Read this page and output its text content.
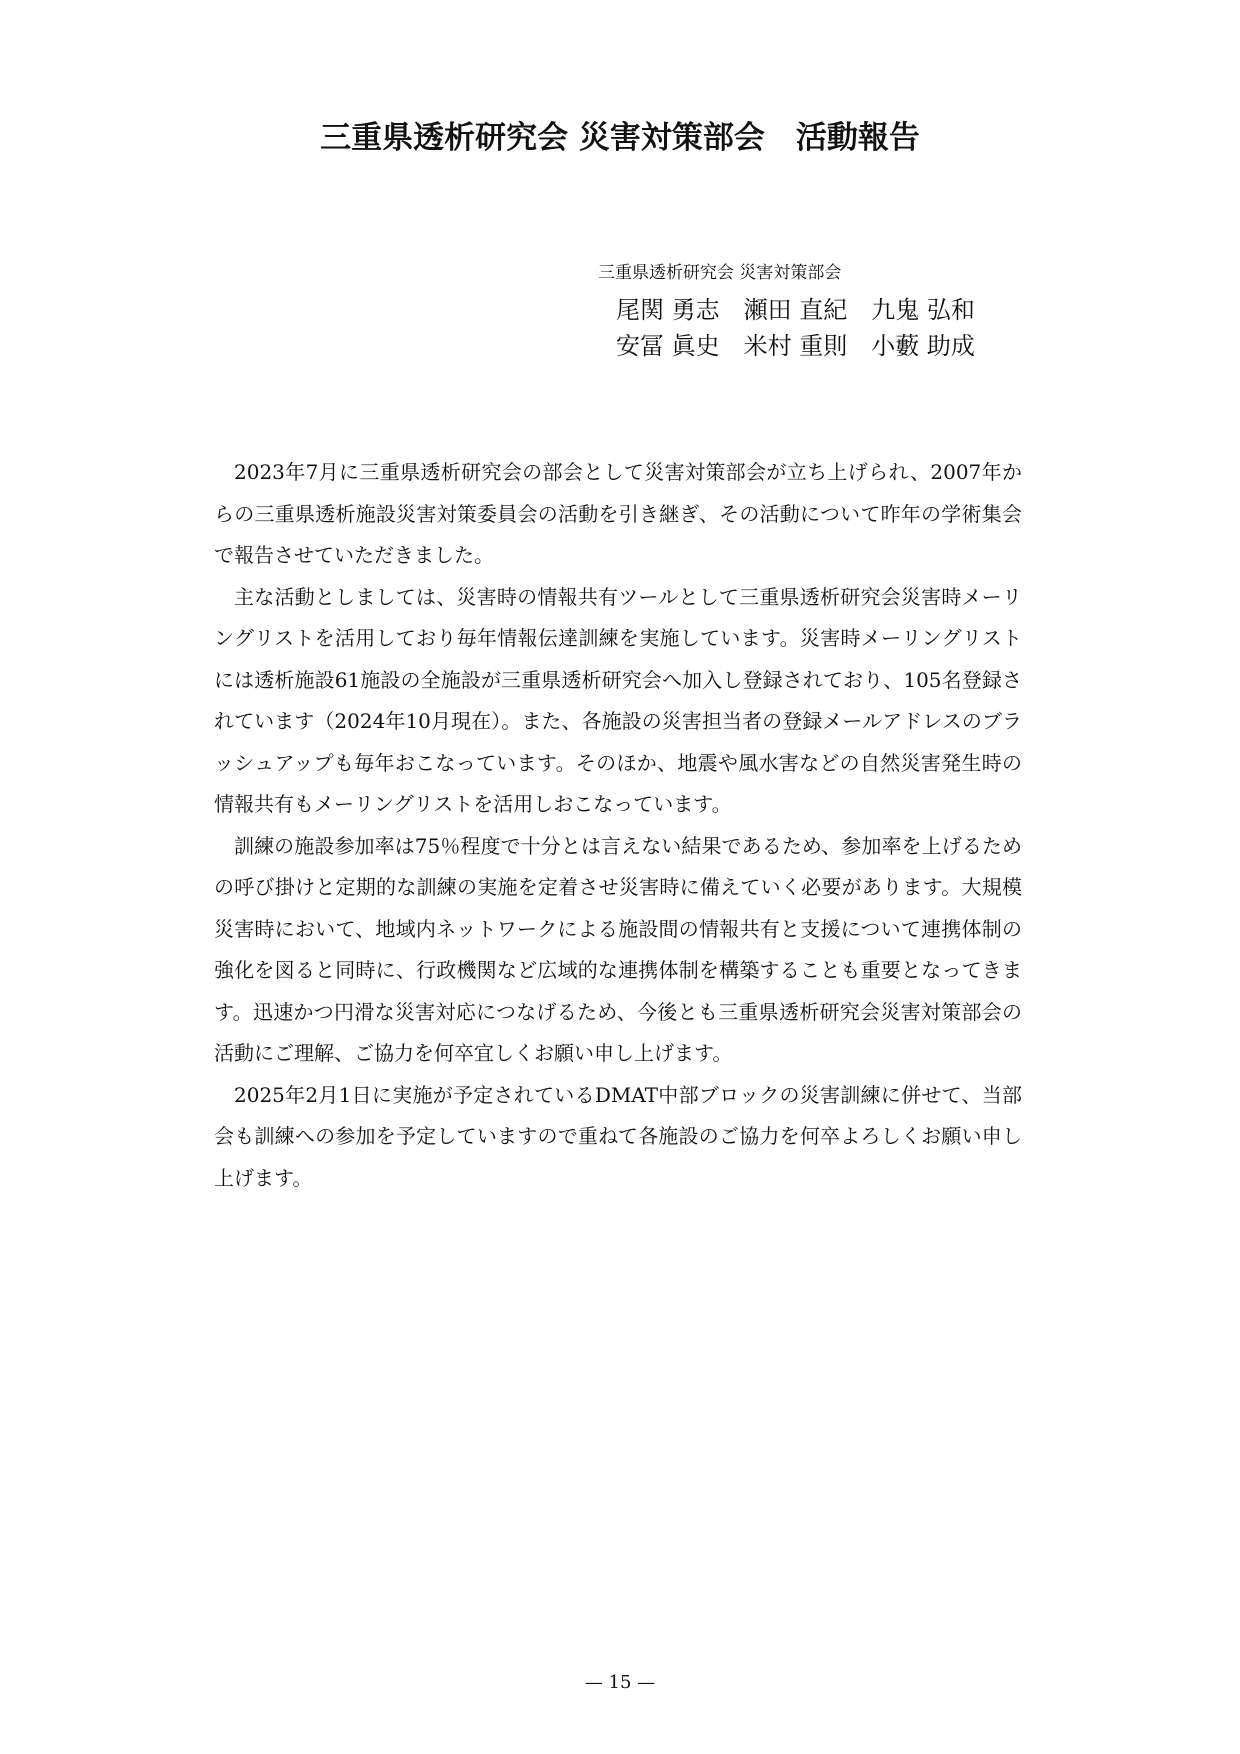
三重県透析研究会 災害対策部会　活動報告
三重県透析研究会 災害対策部会
尾関 勇志　瀬田 直紀　九鬼 弘和
安冨 眞史　米村 重則　小藪 助成

2023年7月に三重県透析研究会の部会として災害対策部会が立ち上げられ、2007年からの三重県透析施設災害対策委員会の活動を引き継ぎ、その活動について昨年の学術集会で報告させていただきました。

主な活動としましては、災害時の情報共有ツールとして三重県透析研究会災害時メーリングリストを活用しており毎年情報伝達訓練を実施しています。災害時メーリングリストには透析施設61施設の全施設が三重県透析研究会へ加入し登録されており、105名登録されています（2024年10月現在）。また、各施設の災害担当者の登録メールアドレスのブラッシュアップも毎年おこなっています。そのほか、地震や風水害などの自然災害発生時の情報共有もメーリングリストを活用しおこなっています。

訓練の施設参加率は75％程度で十分とは言えない結果であるため、参加率を上げるための呼び掛けと定期的な訓練の実施を定着させ災害時に備えていく必要があります。大規模災害時において、地域内ネットワークによる施設間の情報共有と支援について連携体制の強化を図ると同時に、行政機関など広域的な連携体制を構築することも重要となってきます。迅速かつ円滑な災害対応につなげるため、今後とも三重県透析研究会災害対策部会の活動にご理解、ご協力を何卒宜しくお願い申し上げます。

2025年2月1日に実施が予定されているDMAT中部ブロックの災害訓練に併せて、当部会も訓練への参加を予定していますので重ねて各施設のご協力を何卒よろしくお願い申し上げます。

— 15 —
